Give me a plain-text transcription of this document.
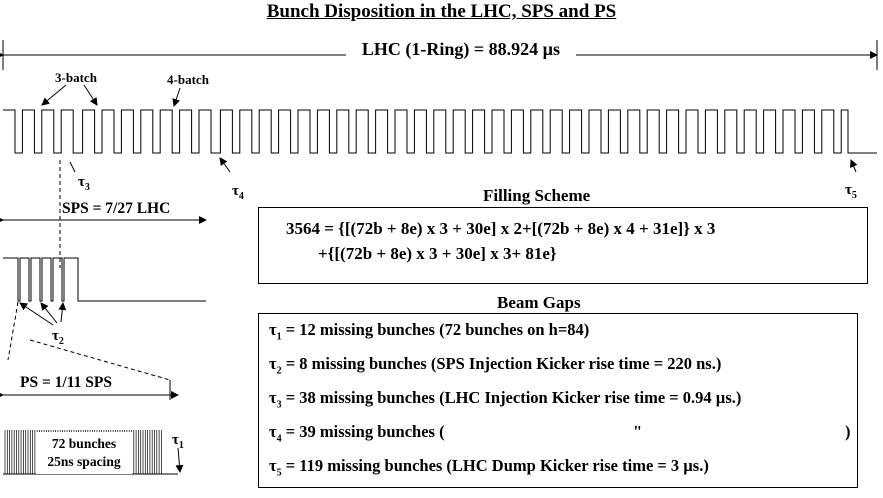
Bunch Disposition in the LHC, SPS and PS
LHC (1-Ring) = 88.924 µs
3-batch	4-batch
$\tau_3$	$\tau_4$	$\tau_5$
SPS = 7/27 LHC
$\tau_2$
PS = 1/11 SPS
72 bunches
25ns spacing
$\tau_1$
Filling Scheme
3564 = {[(72b + 8e) x 3 + 30e] x 2+[(72b + 8e) x 4 + 31e]} x 3
+{[(72b + 8e) x 3 + 30e] x 3+ 81e}
Beam Gaps
$\tau_1 = 12$ missing bunches (72 bunches on h=84)
$\tau_2 = 8$ missing bunches (SPS Injection Kicker rise time = 220 ns.)
$\tau_3 = 38$ missing bunches (LHC Injection Kicker rise time = 0.94 µs.)
$\tau_4 = 39$ missing bunches (	"	)
$\tau_5 = 119$ missing bunches (LHC Dump Kicker rise time = 3 µs.)
